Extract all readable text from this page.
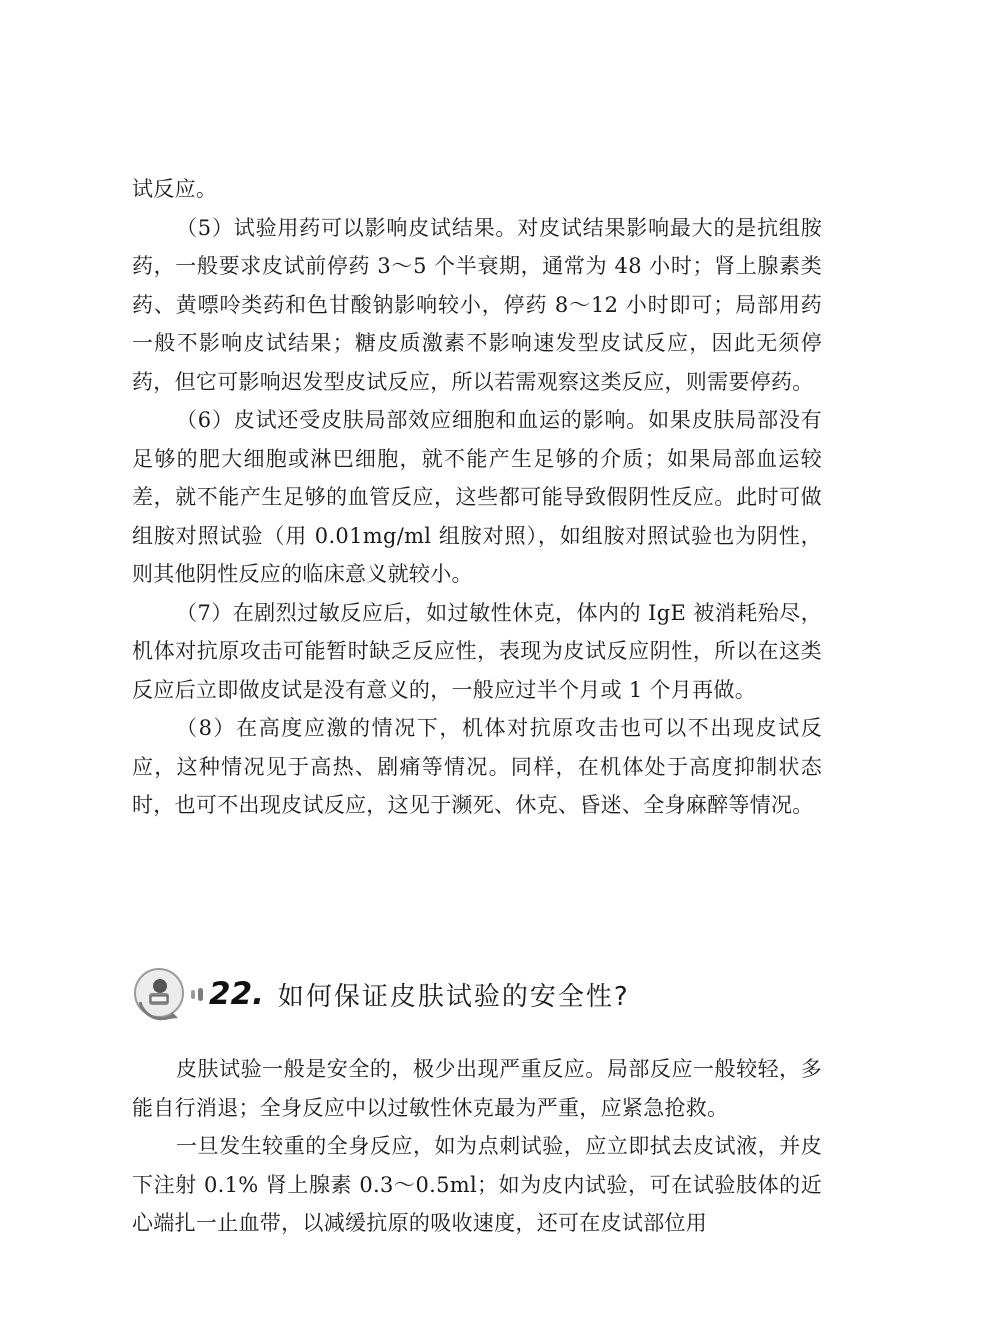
试反应。

（5）试验用药可以影响皮试结果。对皮试结果影响最大的是抗组胺药，一般要求皮试前停药 3～5 个半衰期，通常为 48 小时；肾上腺素类药、黄嘌呤类药和色甘酸钠影响较小，停药 8～12 小时即可；局部用药一般不影响皮试结果；糖皮质激素不影响速发型皮试反应，因此无须停药，但它可影响迟发型皮试反应，所以若需观察这类反应，则需要停药。

（6）皮试还受皮肤局部效应细胞和血运的影响。如果皮肤局部没有足够的肥大细胞或淋巴细胞，就不能产生足够的介质；如果局部血运较差，就不能产生足够的血管反应，这些都可能导致假阴性反应。此时可做组胺对照试验（用 0.01mg/ml 组胺对照），如组胺对照试验也为阴性，则其他阴性反应的临床意义就较小。

（7）在剧烈过敏反应后，如过敏性休克，体内的 IgE 被消耗殆尽，机体对抗原攻击可能暂时缺乏反应性，表现为皮试反应阴性，所以在这类反应后立即做皮试是没有意义的，一般应过半个月或 1 个月再做。

（8）在高度应激的情况下，机体对抗原攻击也可以不出现皮试反应，这种情况见于高热、剧痛等情况。同样，在机体处于高度抑制状态时，也可不出现皮试反应，这见于濒死、休克、昏迷、全身麻醉等情况。

22. 如何保证皮肤试验的安全性?

皮肤试验一般是安全的，极少出现严重反应。局部反应一般较轻，多能自行消退；全身反应中以过敏性休克最为严重，应紧急抢救。

一旦发生较重的全身反应，如为点刺试验，应立即拭去皮试液，并皮下注射 0.1% 肾上腺素 0.3～0.5ml；如为皮内试验，可在试验肢体的近心端扎一止血带，以减缓抗原的吸收速度，还可在皮试部位用
